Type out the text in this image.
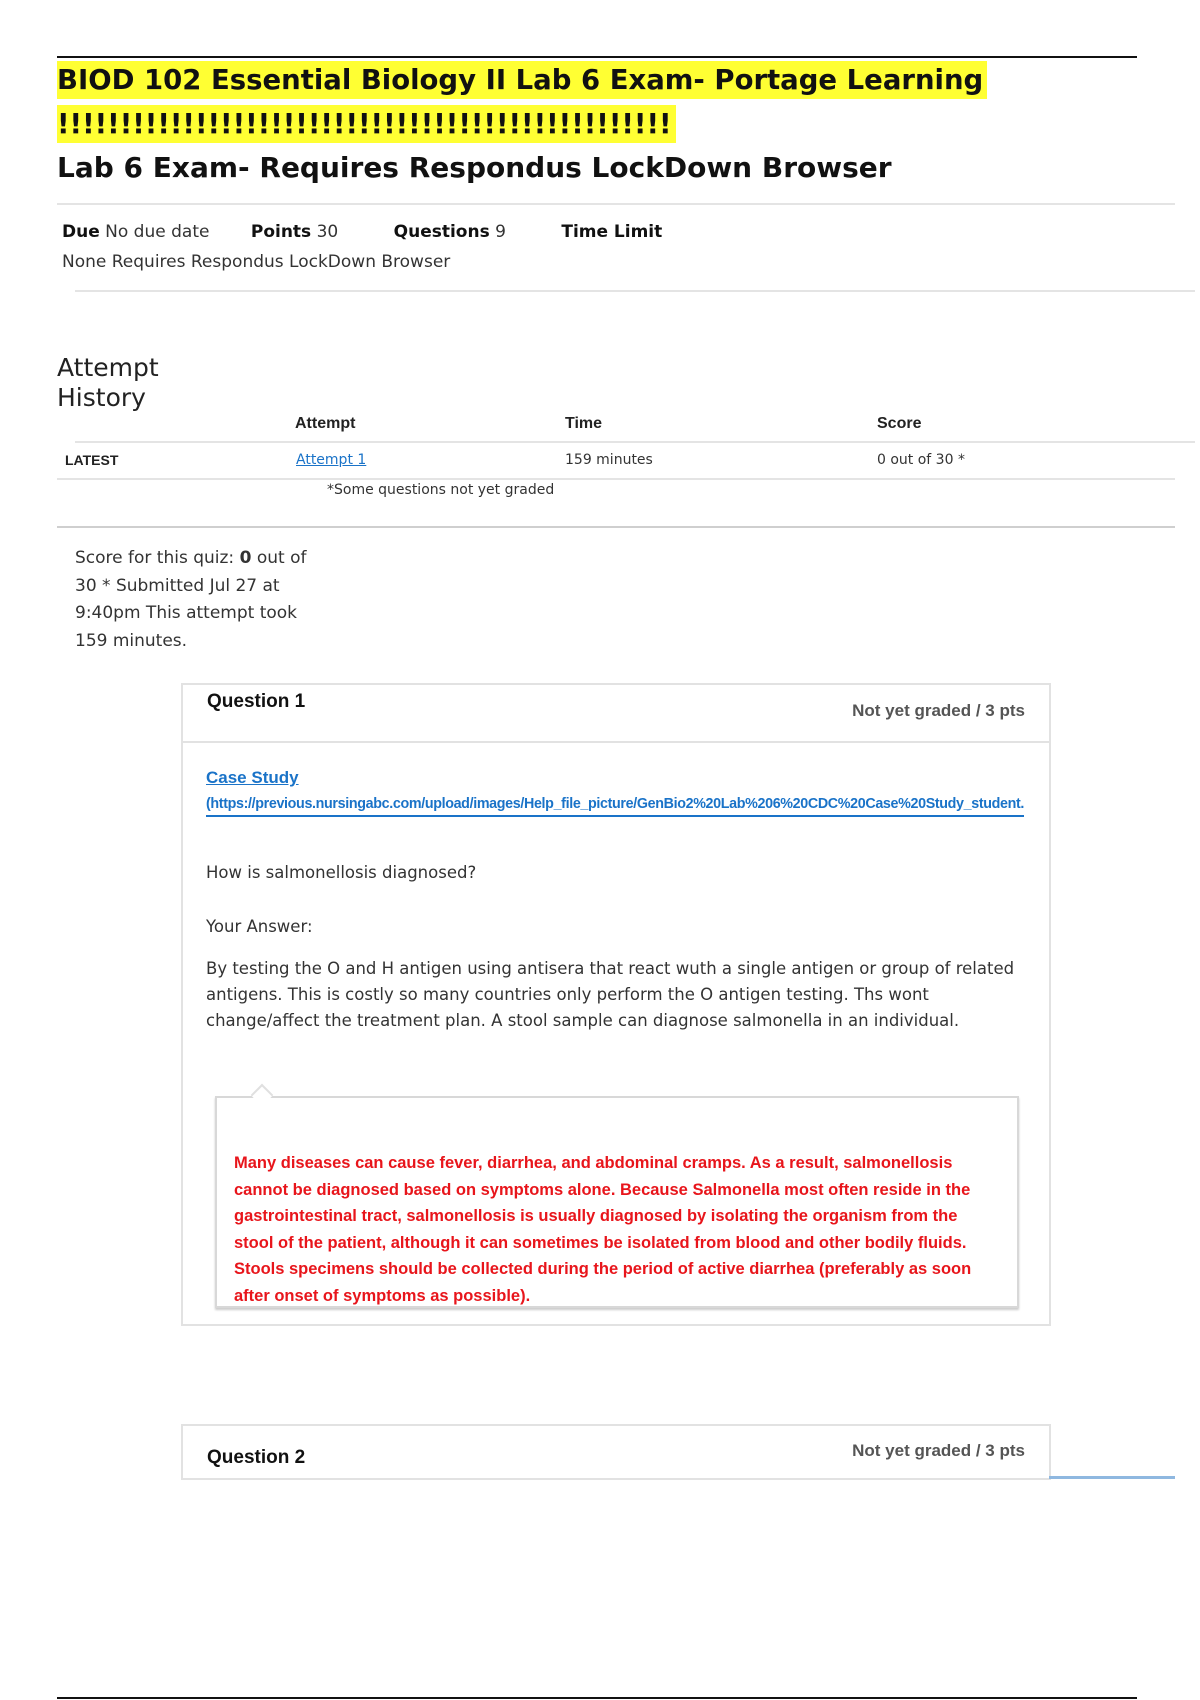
BIOD 102 Essential Biology II Lab 6 Exam- Portage Learning
!!!!!!!!!!!!!!!!!!!!!!!!!!!!!!!!!!!!!!!!!!!!!!!!!
Lab 6 Exam- Requires Respondus LockDown Browser
Due No due date Points 30	Questions 9	Time Limit
None Requires Respondus LockDown Browser
Attempt
History
Attempt	Time	Score
LATEST	Attempt 1	159 minutes	0 out of 30 *
*Some questions not yet graded
Score for this quiz: 0 out of
30 * Submitted Jul 27 at
9:40pm This attempt took
159 minutes.
Question 1	Not yet graded / 3 pts
Case Study
(https://previous.nursingabc.com/upload/images/Help_file_picture/GenBio2%20Lab%206%20CDC%20Case%20Study_student.
How is salmonellosis diagnosed?
Your Answer:
By testing the O and H antigen using antisera that react wuth a single antigen or group of related antigens. This is costly so many countries only perform the O antigen testing. Ths wont change/affect the treatment plan. A stool sample can diagnose salmonella in an individual.
Many diseases can cause fever, diarrhea, and abdominal cramps. As a result, salmonellosis cannot be diagnosed based on symptoms alone. Because Salmonella most often reside in the gastrointestinal tract, salmonellosis is usually diagnosed by isolating the organism from the stool of the patient, although it can sometimes be isolated from blood and other bodily fluids. Stools specimens should be collected during the period of active diarrhea (preferably as soon after onset of symptoms as possible).
Question 2	Not yet graded / 3 pts
